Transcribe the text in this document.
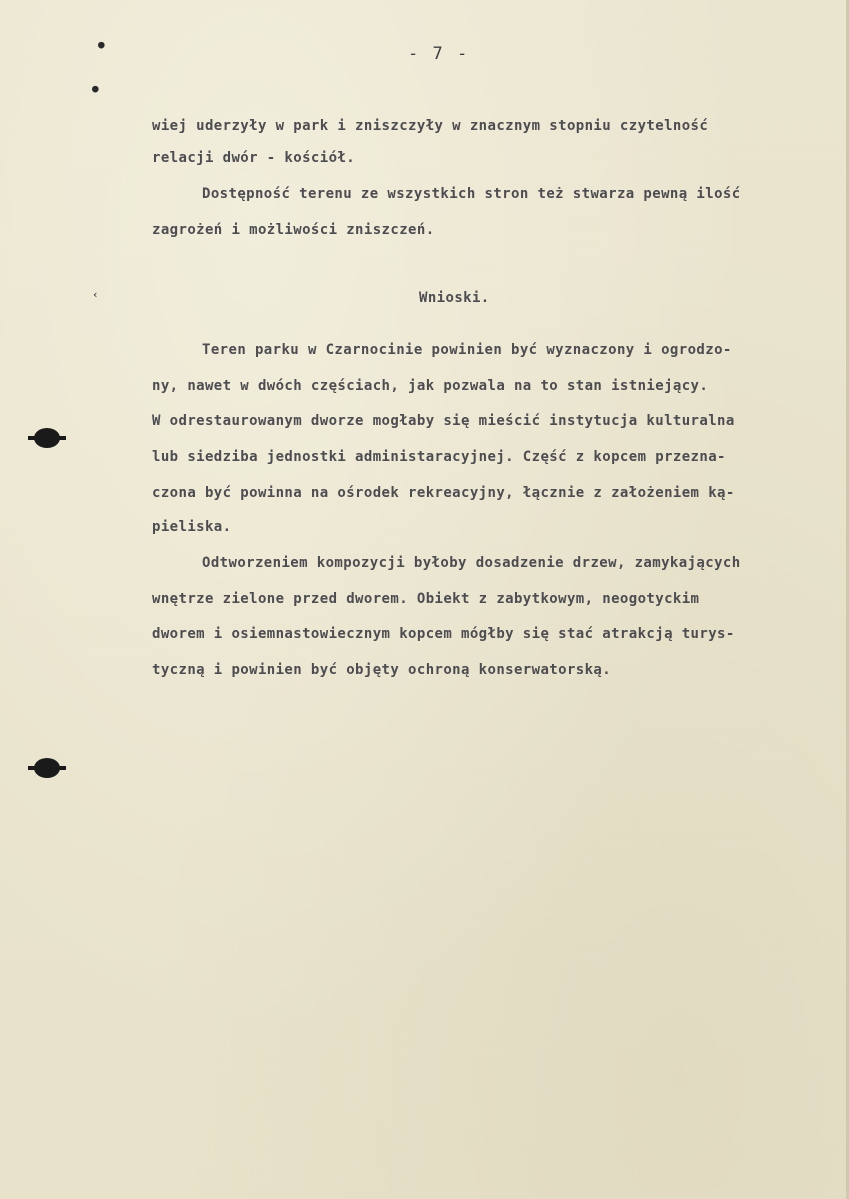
●
●
‹
- 7 -
wiej uderzyły w park i zniszczyły w znacznym stopniu czytelność
relacji dwór - kościół.
Dostępność terenu ze wszystkich stron też stwarza pewną ilość
zagrożeń i możliwości zniszczeń.
Wnioski.
Teren parku w Czarnocinie powinien być wyznaczony i ogrodzo-
ny, nawet w dwóch częściach, jak pozwala na to stan istniejący.
W odrestaurowanym dworze mogłaby się mieścić instytucja kulturalna
lub siedziba jednostki administaracyjnej. Część z kopcem przezna-
czona być powinna na ośrodek rekreacyjny, łącznie z założeniem ką-
pieliska.
Odtworzeniem kompozycji byłoby dosadzenie drzew, zamykających
wnętrze zielone przed dworem. Obiekt z zabytkowym, neogotyckim
dworem i osiemnastowiecznym kopcem mógłby się stać atrakcją turys-
tyczną i powinien być objęty ochroną konserwatorską.
